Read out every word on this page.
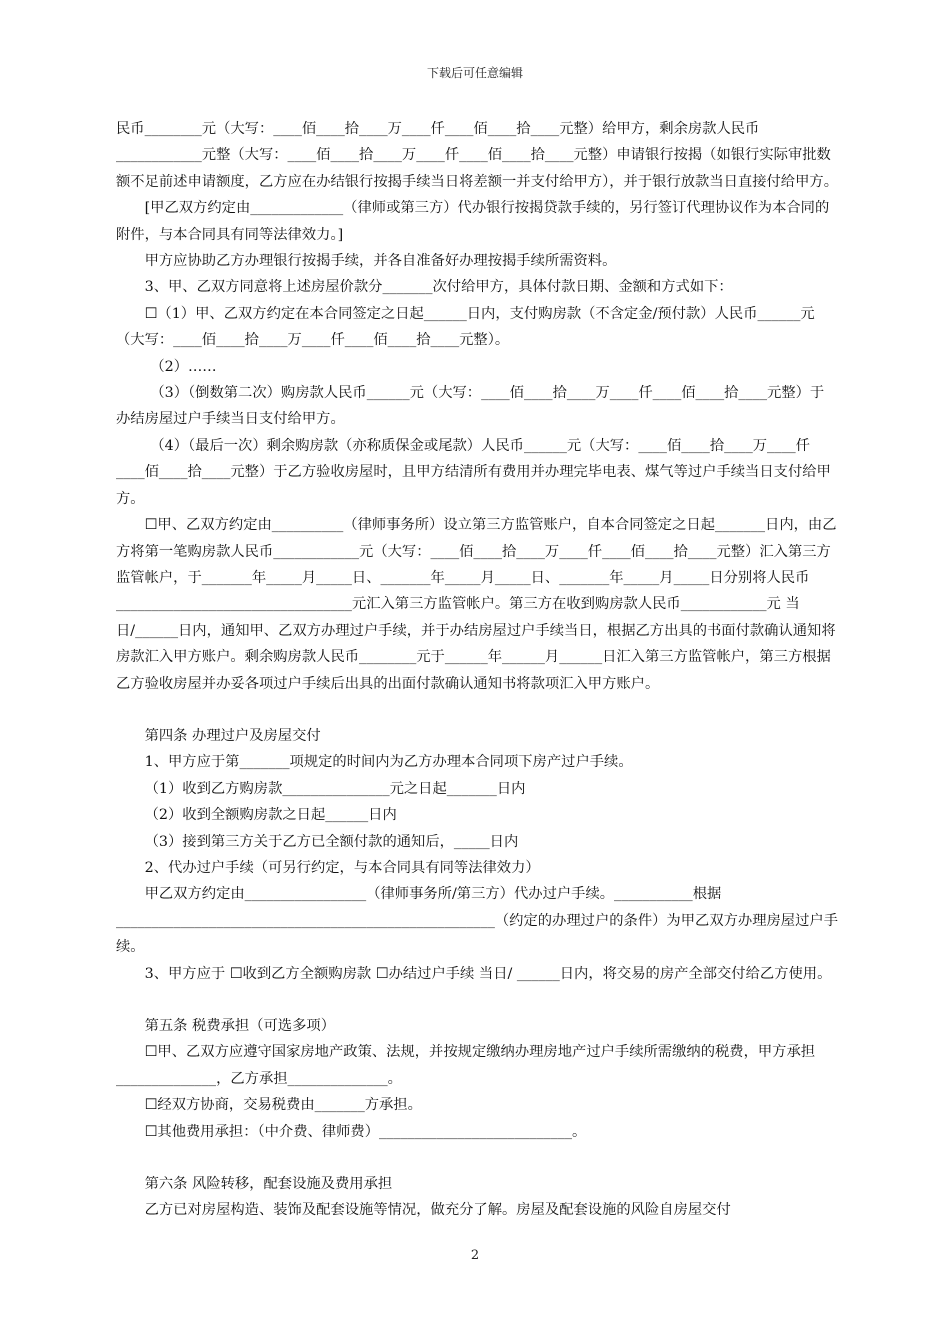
下载后可任意编辑

民币________元（大写：____佰____拾____万____仟____佰____拾____元整）给甲方，剩余房款人民币____________元整（大写：____佰____拾____万____仟____佰____拾____元整）申请银行按揭（如银行实际审批数额不足前述申请额度，乙方应在办结银行按揭手续当日将差额一并支付给甲方），并于银行放款当日直接付给甲方。

[甲乙双方约定由_____________（律师或第三方）代办银行按揭贷款手续的，另行签订代理协议作为本合同的附件，与本合同具有同等法律效力。]

甲方应协助乙方办理银行按揭手续，并各自准备好办理按揭手续所需资料。

3、甲、乙双方同意将上述房屋价款分_______次付给甲方，具体付款日期、金额和方式如下：

☐（1）甲、乙双方约定在本合同签定之日起______日内，支付购房款（不含定金/预付款）人民币______元（大写：____佰____拾____万____仟____佰____拾____元整）。

（2）……

（3）（倒数第二次）购房款人民币______元（大写：____佰____拾____万____仟____佰____拾____元整）于办结房屋过户手续当日支付给甲方。

（4）（最后一次）剩余购房款（亦称质保金或尾款）人民币______元（大写：____佰____拾____万____仟____佰____拾____元整）于乙方验收房屋时，且甲方结清所有费用并办理完毕电表、煤气等过户手续当日支付给甲方。

☐甲、乙双方约定由__________（律师事务所）设立第三方监管账户，自本合同签定之日起_______日内，由乙方将第一笔购房款人民币____________元（大写：____佰____拾____万____仟____佰____拾____元整）汇入第三方监管帐户，于_______年_____月_____日、_______年_____月_____日、_______年_____月_____日分别将人民币_________________________________元汇入第三方监管帐户。第三方在收到购房款人民币____________元 当日/______日内，通知甲、乙双方办理过户手续，并于办结房屋过户手续当日，根据乙方出具的书面付款确认通知将房款汇入甲方账户。剩余购房款人民币________元于______年______月______日汇入第三方监管帐户，第三方根据乙方验收房屋并办妥各项过户手续后出具的出面付款确认通知书将款项汇入甲方账户。

第四条 办理过户及房屋交付

1、甲方应于第_______项规定的时间内为乙方办理本合同项下房产过户手续。

（1）收到乙方购房款_______________元之日起_______日内

（2）收到全额购房款之日起______日内

（3）接到第三方关于乙方已全额付款的通知后，_____日内

2、代办过户手续（可另行约定，与本合同具有同等法律效力）

甲乙双方约定由_________________（律师事务所/第三方）代办过户手续。___________根据_____________________________________________________（约定的办理过户的条件）为甲乙双方办理房屋过户手续。

3、甲方应于 ☐收到乙方全额购房款 ☐办结过户手续 当日/ ______日内，将交易的房产全部交付给乙方使用。

第五条 税费承担（可选多项）

☐甲、乙双方应遵守国家房地产政策、法规，并按规定缴纳办理房地产过户手续所需缴纳的税费，甲方承担______________，乙方承担______________。

☐经双方协商，交易税费由_______方承担。

☐其他费用承担：（中介费、律师费）___________________________。

第六条 风险转移，配套设施及费用承担

乙方已对房屋构造、装饰及配套设施等情况，做充分了解。房屋及配套设施的风险自房屋交付

2
